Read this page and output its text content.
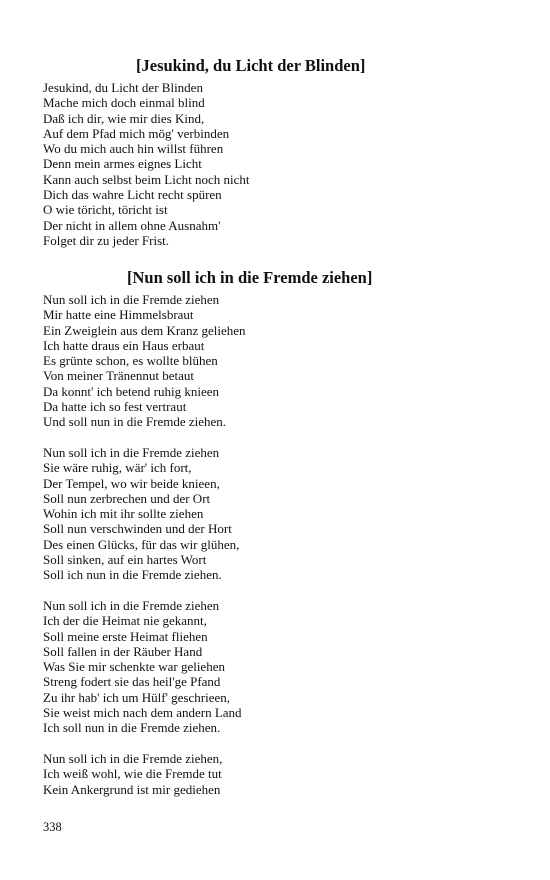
[Jesukind, du Licht der Blinden]
Jesukind, du Licht der Blinden
Mache mich doch einmal blind
Daß ich dir, wie mir dies Kind,
Auf dem Pfad mich mög' verbinden
Wo du mich auch hin willst führen
Denn mein armes eignes Licht
Kann auch selbst beim Licht noch nicht
Dich das wahre Licht recht spüren
O wie töricht, töricht ist
Der nicht in allem ohne Ausnahm'
Folget dir zu jeder Frist.
[Nun soll ich in die Fremde ziehen]
Nun soll ich in die Fremde ziehen
Mir hatte eine Himmelsbraut
Ein Zweiglein aus dem Kranz geliehen
Ich hatte draus ein Haus erbaut
Es grünte schon, es wollte blühen
Von meiner Tränennut betaut
Da konnt' ich betend ruhig knieen
Da hatte ich so fest vertraut
Und soll nun in die Fremde ziehen.
Nun soll ich in die Fremde ziehen
Sie wäre ruhig, wär' ich fort,
Der Tempel, wo wir beide knieen,
Soll nun zerbrechen und der Ort
Wohin ich mit ihr sollte ziehen
Soll nun verschwinden und der Hort
Des einen Glücks, für das wir glühen,
Soll sinken, auf ein hartes Wort
Soll ich nun in die Fremde ziehen.
Nun soll ich in die Fremde ziehen
Ich der die Heimat nie gekannt,
Soll meine erste Heimat fliehen
Soll fallen in der Räuber Hand
Was Sie mir schenkte war geliehen
Streng fodert sie das heil'ge Pfand
Zu ihr hab' ich um Hülf' geschrieen,
Sie weist mich nach dem andern Land
Ich soll nun in die Fremde ziehen.
Nun soll ich in die Fremde ziehen,
Ich weiß wohl, wie die Fremde tut
Kein Ankergrund ist mir gediehen
338
